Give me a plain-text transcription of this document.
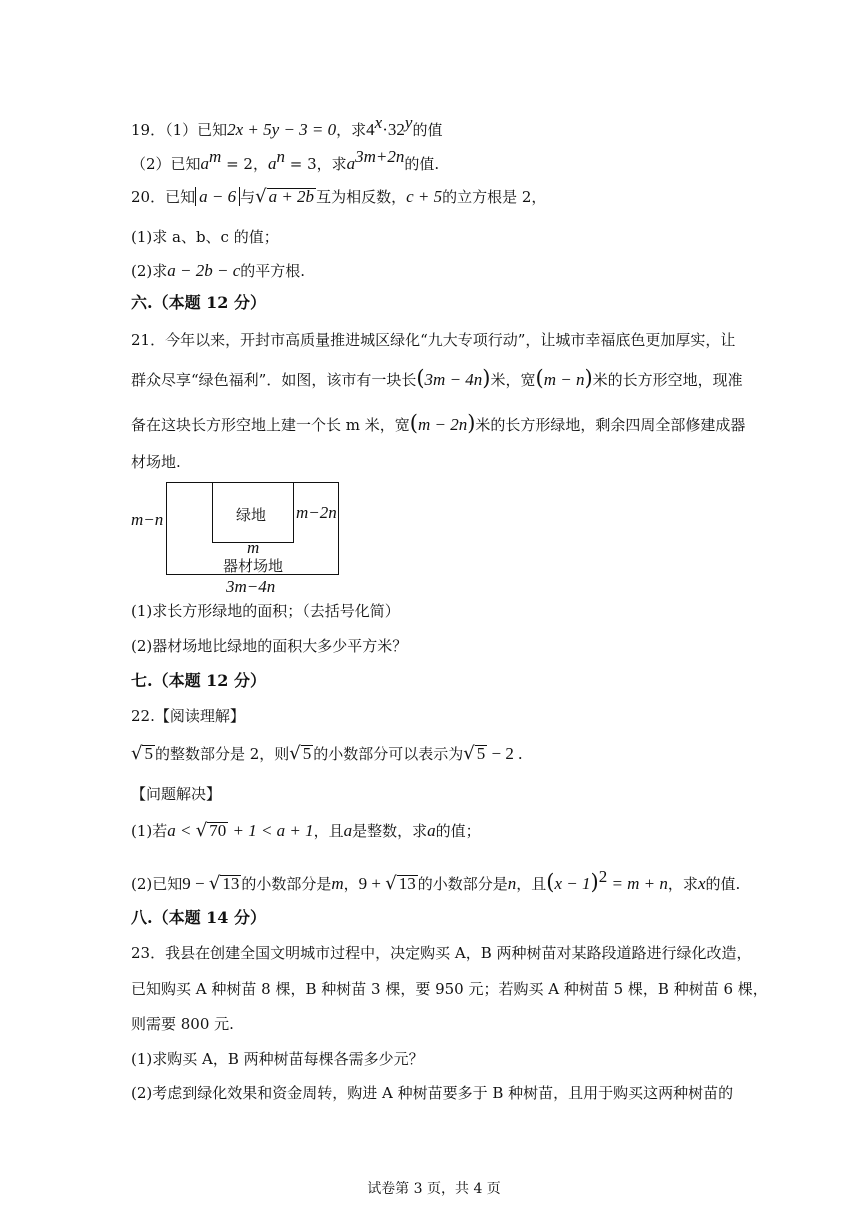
19．（1）已知2x + 5y − 3 = 0，求$4^x\cdot 32^y$的值
（2）已知$a^m = 2$，$a^n = 3$，求$a^{3m+2n}$的值.
20．已知 a − 6 与√ a + 2b 互为相反数，c + 5的立方根是 2，
(1)求 a、b、c 的值；
(2)求a − 2b − c的平方根.
六.（本题 12 分）
21．今年以来，开封市高质量推进城区绿化“九大专项行动”，让城市幸福底色更加厚实，让
群众尽享“绿色福利”．如图，该市有一块长(3m − 4n)米，宽(m − n)米的长方形空地，现准
备在这块长方形空地上建一个长 m 米，宽(m − 2n)米的长方形绿地，剩余四周全部修建成器
材场地.
m−n	绿地 m−2n
m
器材场地
3m−4n
(1)求长方形绿地的面积；（去括号化简）
(2)器材场地比绿地的面积大多少平方米？
七.（本题 12 分）
22.【阅读理解】
√ 5 的整数部分是 2，则√ 5 的小数部分可以表示为√ 5 − 2 .
【问题解决】
(1)若a < √ 70 + 1 < a + 1，且a是整数，求a的值；
(2)已知9 − √ 13 的小数部分是m，9 + √ 13 的小数部分是n，且$(x - 1)^2 = m + n$，求x的值.
八.（本题 14 分）
23．我县在创建全国文明城市过程中，决定购买 A，B 两种树苗对某路段道路进行绿化改造，
已知购买 A 种树苗 8 棵，B 种树苗 3 棵，要 950 元；若购买 A 种树苗 5 棵，B 种树苗 6 棵，
则需要 800 元.
(1)求购买 A，B 两种树苗每棵各需多少元？
(2)考虑到绿化效果和资金周转，购进 A 种树苗要多于 B 种树苗，且用于购买这两种树苗的
试卷第 3 页，共 4 页
